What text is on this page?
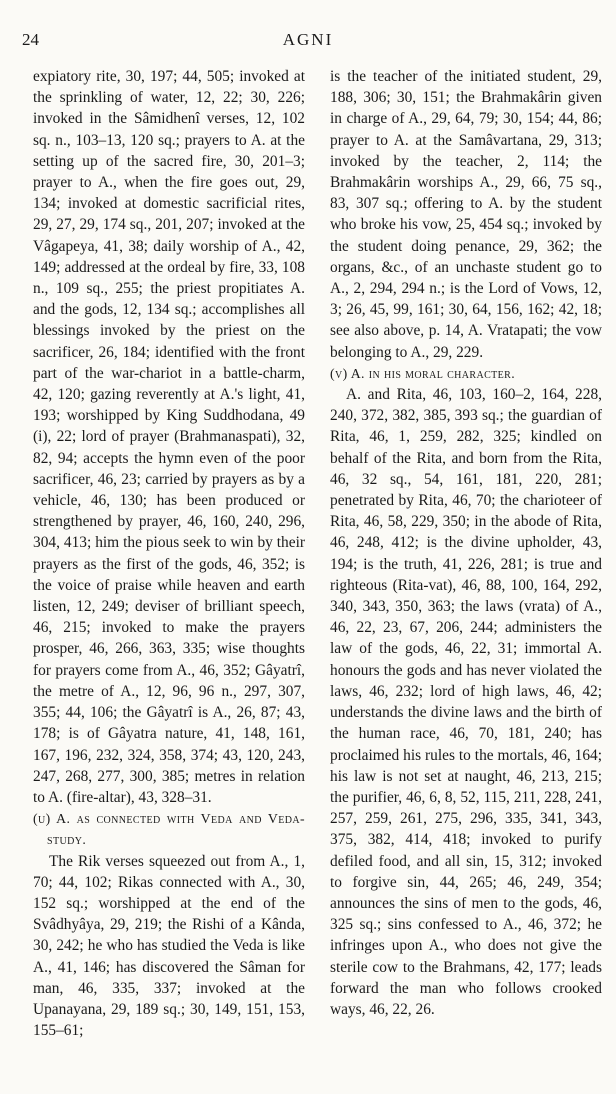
24	AGNI

expiatory rite, 30, 197; 44, 505; invoked at the sprinkling of water, 12, 22; 30, 226; invoked in the Sâmidhenî verses, 12, 102 sq. n., 103–13, 120 sq.; prayers to A. at the setting up of the sacred fire, 30, 201–3; prayer to A., when the fire goes out, 29, 134; invoked at domestic sacrificial rites, 29, 27, 29, 174 sq., 201, 207; invoked at the Vâgapeya, 41, 38; daily worship of A., 42, 149; addressed at the ordeal by fire, 33, 108 n., 109 sq., 255; the priest propitiates A. and the gods, 12, 134 sq.; accomplishes all blessings invoked by the priest on the sacrificer, 26, 184; identified with the front part of the war-chariot in a battle-charm, 42, 120; gazing reverently at A.'s light, 41, 193; worshipped by King Suddhodana, 49 (i), 22; lord of prayer (Brahmanaspati), 32, 82, 94; accepts the hymn even of the poor sacrificer, 46, 23; carried by prayers as by a vehicle, 46, 130; has been produced or strengthened by prayer, 46, 160, 240, 296, 304, 413; him the pious seek to win by their prayers as the first of the gods, 46, 352; is the voice of praise while heaven and earth listen, 12, 249; deviser of brilliant speech, 46, 215; invoked to make the prayers prosper, 46, 266, 363, 335; wise thoughts for prayers come from A., 46, 352; Gâyatrî, the metre of A., 12, 96, 96 n., 297, 307, 355; 44, 106; the Gâyatrî is A., 26, 87; 43, 178; is of Gâyatra nature, 41, 148, 161, 167, 196, 232, 324, 358, 374; 43, 120, 243, 247, 268, 277, 300, 385; metres in relation to A. (fire-altar), 43, 328–31.

(u) A. as connected with Veda and Veda-study.

The Rik verses squeezed out from A., 1, 70; 44, 102; Rikas connected with A., 30, 152 sq.; worshipped at the end of the Svâdhyâya, 29, 219; the Rishi of a Kânda, 30, 242; he who has studied the Veda is like A., 41, 146; has discovered the Sâman for man, 46, 335, 337; invoked at the Upanayana, 29, 189 sq.; 30, 149, 151, 153, 155–61;

is the teacher of the initiated student, 29, 188, 306; 30, 151; the Brahmakârin given in charge of A., 29, 64, 79; 30, 154; 44, 86; prayer to A. at the Samâvartana, 29, 313; invoked by the teacher, 2, 114; the Brahmakârin worships A., 29, 66, 75 sq., 83, 307 sq.; offering to A. by the student who broke his vow, 25, 454 sq.; invoked by the student doing penance, 29, 362; the organs, &c., of an unchaste student go to A., 2, 294, 294 n.; is the Lord of Vows, 12, 3; 26, 45, 99, 161; 30, 64, 156, 162; 42, 18; see also above, p. 14, A. Vratapati; the vow belonging to A., 29, 229.

(v) A. in his moral character.

A. and Rita, 46, 103, 160–2, 164, 228, 240, 372, 382, 385, 393 sq.; the guardian of Rita, 46, 1, 259, 282, 325; kindled on behalf of the Rita, and born from the Rita, 46, 32 sq., 54, 161, 181, 220, 281; penetrated by Rita, 46, 70; the charioteer of Rita, 46, 58, 229, 350; in the abode of Rita, 46, 248, 412; is the divine upholder, 43, 194; is the truth, 41, 226, 281; is true and righteous (Rita-vat), 46, 88, 100, 164, 292, 340, 343, 350, 363; the laws (vrata) of A., 46, 22, 23, 67, 206, 244; administers the law of the gods, 46, 22, 31; immortal A. honours the gods and has never violated the laws, 46, 232; lord of high laws, 46, 42; understands the divine laws and the birth of the human race, 46, 70, 181, 240; has proclaimed his rules to the mortals, 46, 164; his law is not set at naught, 46, 213, 215; the purifier, 46, 6, 8, 52, 115, 211, 228, 241, 257, 259, 261, 275, 296, 335, 341, 343, 375, 382, 414, 418; invoked to purify defiled food, and all sin, 15, 312; invoked to forgive sin, 44, 265; 46, 249, 354; announces the sins of men to the gods, 46, 325 sq.; sins confessed to A., 46, 372; he infringes upon A., who does not give the sterile cow to the Brahmans, 42, 177; leads forward the man who follows crooked ways, 46, 22, 26.
